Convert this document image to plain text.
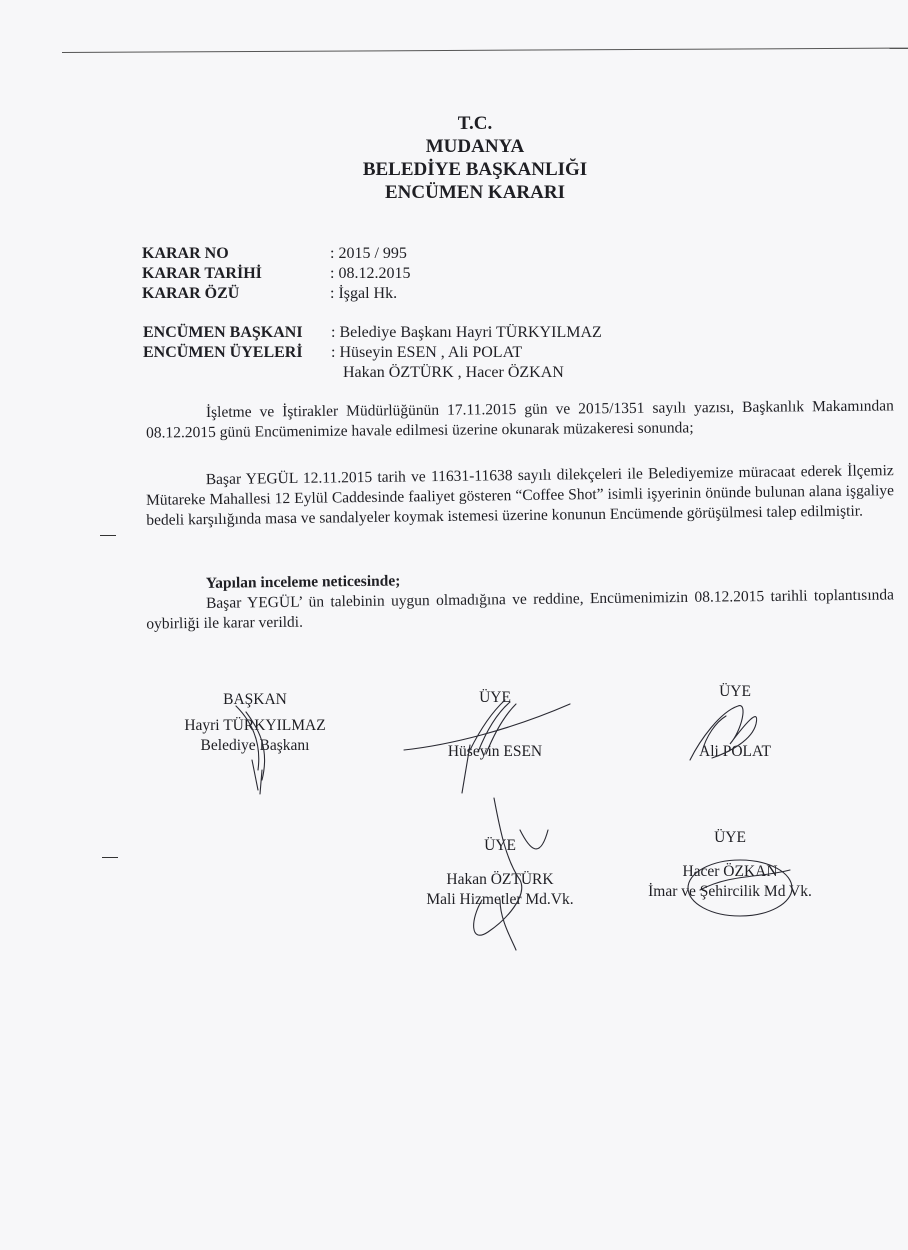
T.C.
MUDANYA
BELEDİYE BAŞKANLIĞI
ENCÜMEN KARARI
KARAR NO	: 2015 / 995
KARAR TARİHİ	: 08.12.2015
KARAR ÖZÜ	: İşgal Hk.
ENCÜMEN BAŞKANI	: Belediye Başkanı Hayri TÜRKYILMAZ
ENCÜMEN ÜYELERİ	: Hüseyin ESEN , Ali POLAT
Hakan ÖZTÜRK , Hacer ÖZKAN
İşletme ve İştirakler Müdürlüğünün 17.11.2015 gün ve 2015/1351 sayılı yazısı, Başkanlık Makamından 08.12.2015 günü Encümenimize havale edilmesi üzerine okunarak müzakeresi sonunda;
Başar YEGÜL 12.11.2015 tarih ve 11631-11638 sayılı dilekçeleri ile Belediyemize müracaat ederek İlçemiz Mütareke Mahallesi 12 Eylül Caddesinde faaliyet gösteren “Coffee Shot” isimli işyerinin önünde bulunan alana işgaliye bedeli karşılığında masa ve sandalyeler koymak istemesi üzerine konunun Encümende görüşülmesi talep edilmiştir.
Yapılan inceleme neticesinde;
Başar YEGÜL’ ün talebinin uygun olmadığına ve reddine, Encümenimizin 08.12.2015 tarihli toplantısında oybirliği ile karar verildi.
BAŞKAN
Hayri TÜRKYILMAZ
Belediye Başkanı
ÜYE
Hüseyin ESEN
ÜYE
Ali POLAT
ÜYE
Hakan ÖZTÜRK
Mali Hizmetler Md.Vk.
ÜYE
Hacer ÖZKAN
İmar ve Şehircilik Md Vk.
